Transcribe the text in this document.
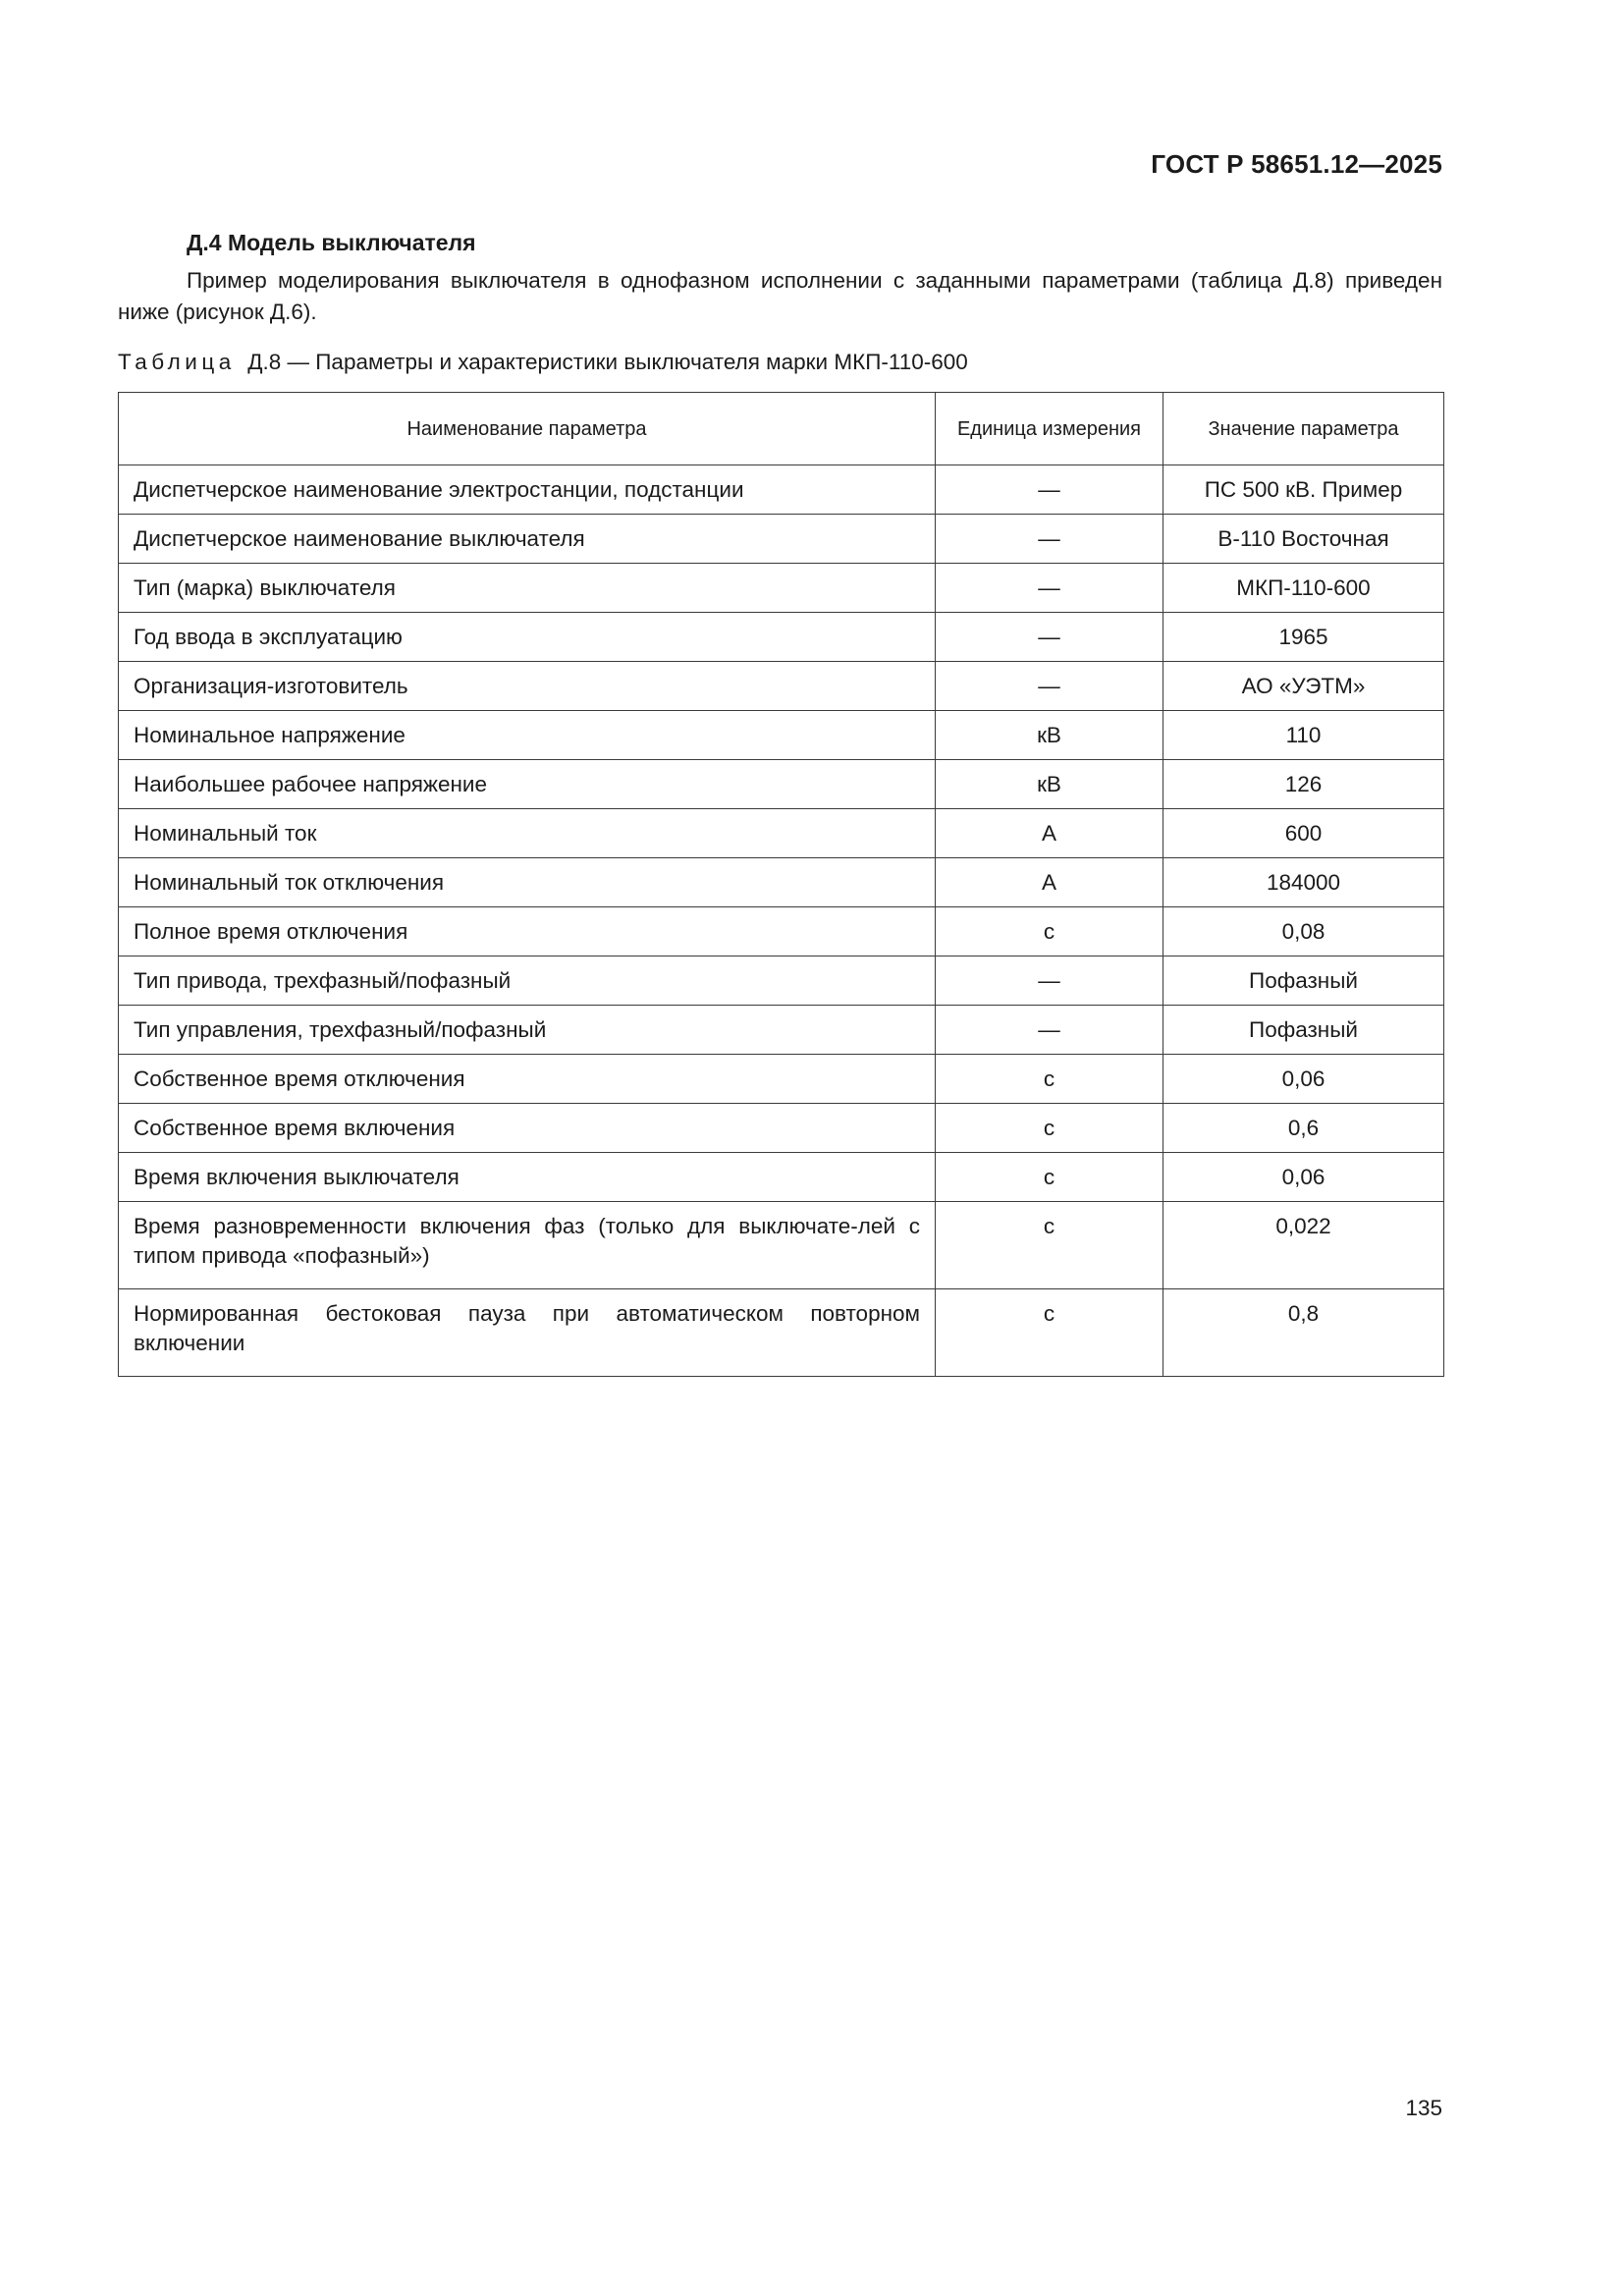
ГОСТ Р 58651.12—2025
Д.4 Модель выключателя

Пример моделирования выключателя в однофазном исполнении с заданными параметрами (таблица Д.8) приведен ниже (рисунок Д.6).

Таблица Д.8 — Параметры и характеристики выключателя марки МКП-110-600
Наименование параметра	Единица измерения	Значение параметра
Диспетчерское наименование электростанции, подстанции	—	ПС 500 кВ. Пример
Диспетчерское наименование выключателя	—	В-110 Восточная
Тип (марка) выключателя	—	МКП-110-600
Год ввода в эксплуатацию	—	1965
Организация-изготовитель	—	АО «УЭТМ»
Номинальное напряжение	кВ	110
Наибольшее рабочее напряжение	кВ	126
Номинальный ток	А	600
Номинальный ток отключения	А	184000
Полное время отключения	с	0,08
Тип привода, трехфазный/пофазный	—	Пофазный
Тип управления, трехфазный/пофазный	—	Пофазный
Собственное время отключения	с	0,06
Собственное время включения	с	0,6
Время включения выключателя	с	0,06
Время разновременности включения фаз (только для выключате-лей с типом привода «пофазный»)	с	0,022
Нормированная бестоковая пауза при автоматическом повторном включении	с	0,8
135
